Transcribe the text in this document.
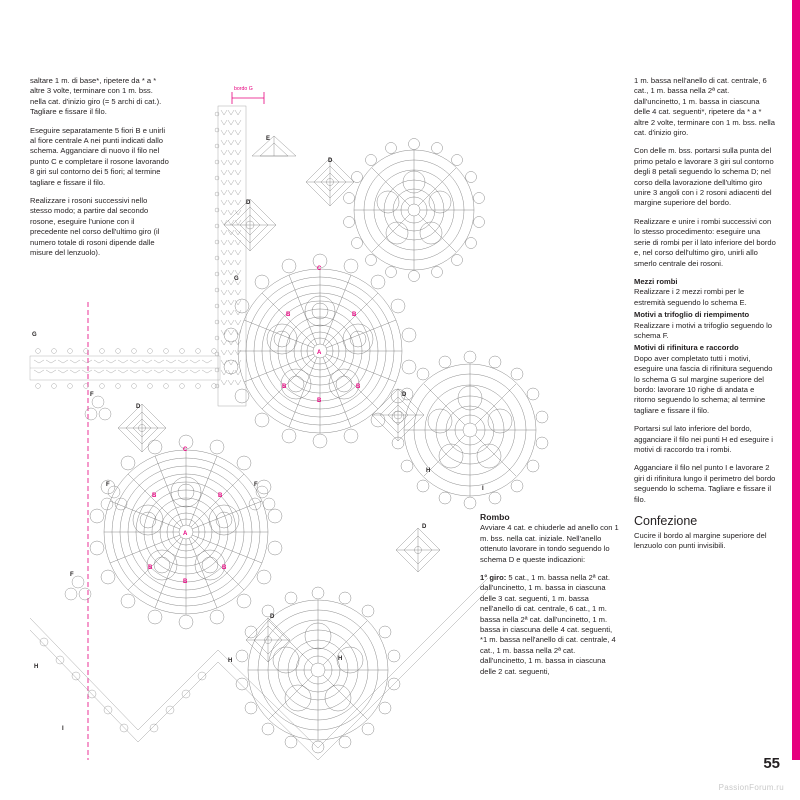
bordo G
A
B	B
B	B
B
C
A
B	B
B	B
B
C
D
D
E
D
D
D
D
F
F
F
F
G
G
H
H	H
H
I
I

saltare 1 m. di base*, ripetere da * a * altre 3 volte, terminare con 1 m. bss. nella cat. d'inizio giro (= 5 archi di cat.). Tagliare e fissare il filo.

Eseguire separatamente 5 fiori B e unirli al fiore centrale A nei punti indicati dallo schema. Agganciare di nuovo il filo nel punto C e completare il rosone lavorando 8 giri sul contorno dei 5 fiori; al termine tagliare e fissare il filo.

Realizzare i rosoni successivi nello stesso modo; a partire dal secondo rosone, eseguire l'unione con il precedente nel corso dell'ultimo giro (il numero totale di rosoni dipende dalle misure del lenzuolo).

Rombo

Avviare 4 cat. e chiuderle ad anello con 1 m. bss. nella cat. iniziale. Nell'anello ottenuto lavorare in tondo seguendo lo schema D e queste indicazioni:

1° giro: 5 cat., 1 m. bassa nella 2ª cat. dall'uncinetto, 1 m. bassa in ciascuna delle 3 cat. seguenti, 1 m. bassa nell'anello di cat. centrale, 6 cat., 1 m. bassa nella 2ª cat. dall'uncinetto, 1 m. bassa in ciascuna delle 4 cat. seguenti, *1 m. bassa nell'anello di cat. centrale, 4 cat., 1 m. bassa nella 2ª cat. dall'uncinetto, 1 m. bassa in ciascuna delle 2 cat. seguenti,

1 m. bassa nell'anello di cat. centrale, 6 cat., 1 m. bassa nella 2ª cat. dall'uncinetto, 1 m. bassa in ciascuna delle 4 cat. seguenti*, ripetere da * a * altre 2 volte, terminare con 1 m. bss. nella cat. d'inizio giro.

Con delle m. bss. portarsi sulla punta del primo petalo e lavorare 3 giri sul contorno degli 8 petali seguendo lo schema D; nel corso della lavorazione dell'ultimo giro unire 3 angoli con i 2 rosoni adiacenti del margine superiore del bordo.

Realizzare e unire i rombi successivi con lo stesso procedimento: eseguire una serie di rombi per il lato inferiore del bordo e, nel corso dell'ultimo giro, unirli allo smerlo centrale dei rosoni.

Mezzi rombi

Realizzare i 2 mezzi rombi per le estremità seguendo lo schema E.

Motivi a trifoglio di riempimento

Realizzare i motivi a trifoglio seguendo lo schema F.

Motivi di rifinitura e raccordo

Dopo aver completato tutti i motivi, eseguire una fascia di rifinitura seguendo lo schema G sul margine superiore del bordo: lavorare 10 righe di andata e ritorno seguendo lo schema; al termine tagliare e fissare il filo.

Portarsi sul lato inferiore del bordo, agganciare il filo nei punti H ed eseguire i motivi di raccordo tra i rombi.

Agganciare il filo nel punto I e lavorare 2 giri di rifinitura lungo il perimetro del bordo seguendo lo schema. Tagliare e fissare il filo.

Confezione

Cucire il bordo al margine superiore del lenzuolo con punti invisibili.

55
PassionForum.ru
